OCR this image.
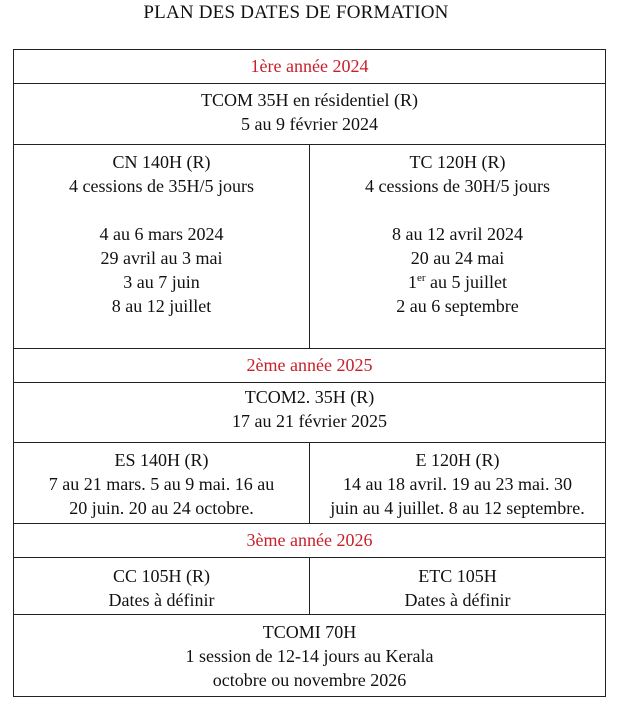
PLAN DES DATES DE FORMATION
1ère année 2024
TCOM 35H en résidentiel (R)
5 au 9 février 2024
CN 140H (R)
4 cessions de 35H/5 jours
4 au 6 mars 2024
29 avril au 3 mai
3 au 7 juin
8 au 12 juillet
TC 120H (R)
4 cessions de 30H/5 jours
8 au 12 avril 2024
20 au 24 mai
1er au 5 juillet
2 au 6 septembre
2ème année 2025
TCOM2. 35H (R)
17 au 21 février 2025
ES 140H (R)
7 au 21 mars. 5 au 9 mai. 16 au
20 juin. 20 au 24 octobre.
E 120H (R)
14 au 18 avril. 19 au 23 mai. 30
juin au 4 juillet. 8 au 12 septembre.
3ème année 2026
CC 105H (R)
Dates à définir
ETC 105H
Dates à définir
TCOMI 70H
1 session de 12-14 jours au Kerala
octobre ou novembre 2026
